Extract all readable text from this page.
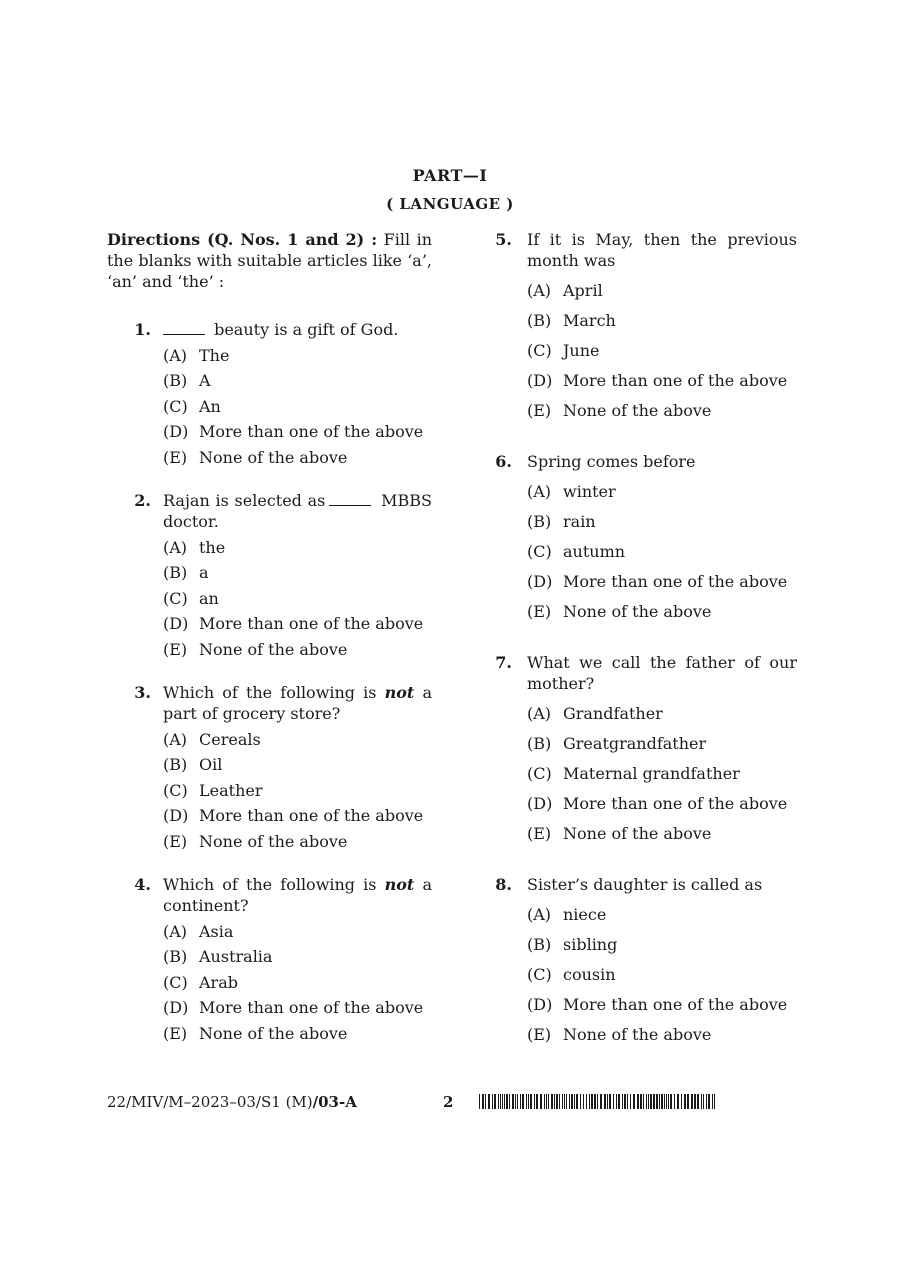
PART—I
( LANGUAGE )
Directions (Q. Nos. 1 and 2) : Fill in the blanks with suitable articles like ‘a’, ‘an’ and ‘the’ :
1.	beauty is a gift of God.
(A) The
(B) A
(C) An
(D) More than one of the above
(E) None of the above
2. Rajan is selected as	MBBS doctor.
(A) the
(B) a
(C) an
(D) More than one of the above
(E) None of the above
3. Which of the following is not a part of grocery store?
(A) Cereals
(B) Oil
(C) Leather
(D) More than one of the above
(E) None of the above
4. Which of the following is not a continent?
(A) Asia
(B) Australia
(C) Arab
(D) More than one of the above
(E) None of the above
5. If it is May, then the previous month was
(A) April
(B) March
(C) June
(D) More than one of the above
(E) None of the above
6. Spring comes before
(A) winter
(B) rain
(C) autumn
(D) More than one of the above
(E) None of the above
7. What we call the father of our mother?
(A) Grandfather
(B) Greatgrandfather
(C) Maternal grandfather
(D) More than one of the above
(E) None of the above
8. Sister’s daughter is called as
(A) niece
(B) sibling
(C) cousin
(D) More than one of the above
(E) None of the above
22/MIV/M–2023–03/S1 (M)/03-A	2
